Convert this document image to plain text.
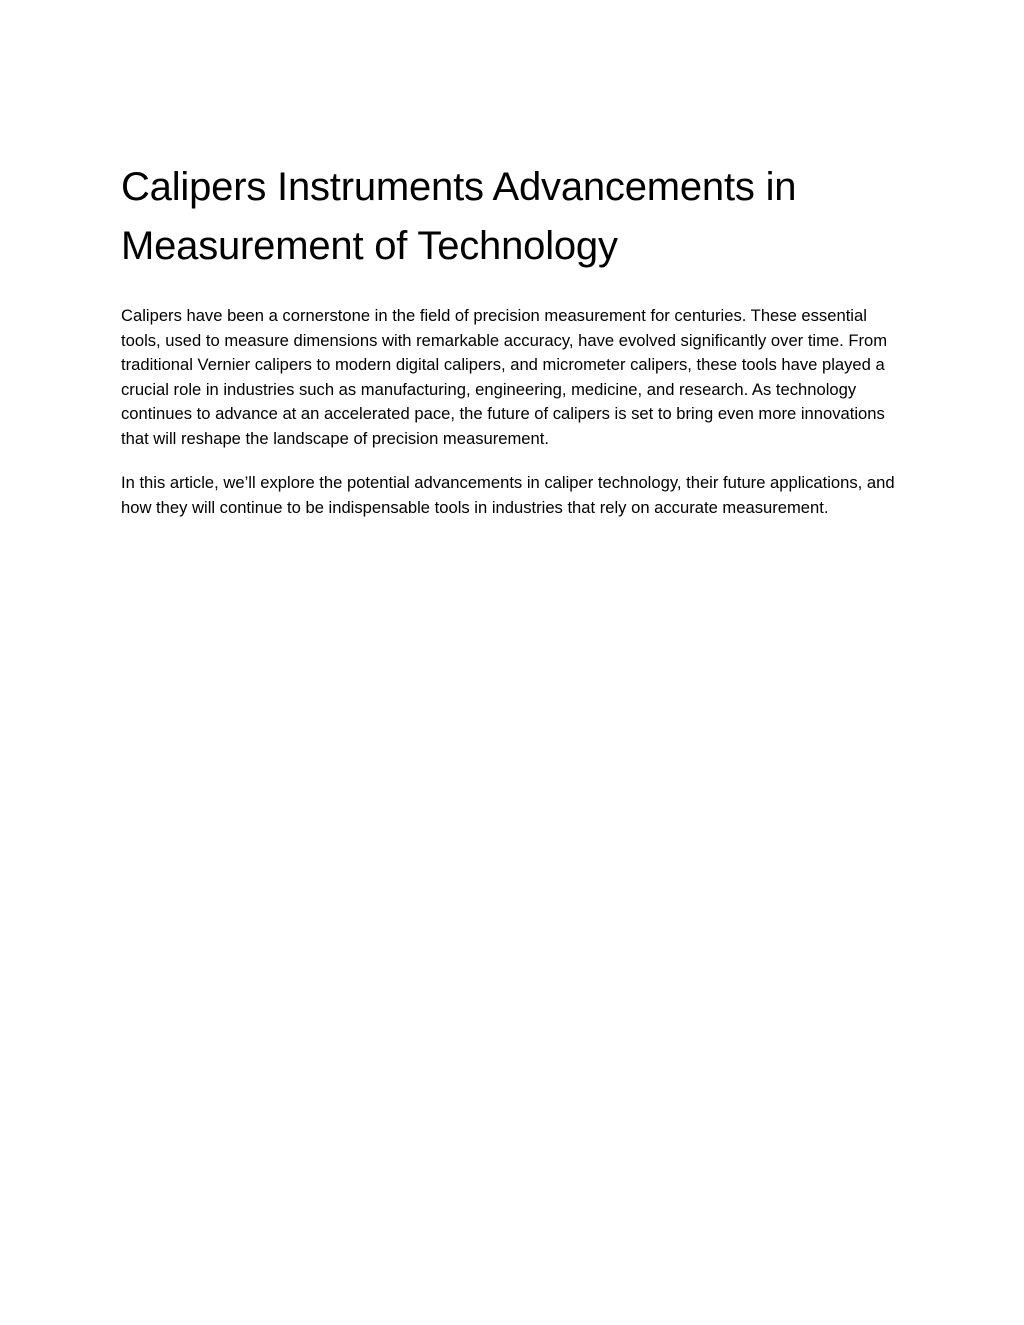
Calipers Instruments Advancements in Measurement of Technology

Calipers have been a cornerstone in the field of precision measurement for centuries. These essential tools, used to measure dimensions with remarkable accuracy, have evolved significantly over time. From traditional Vernier calipers to modern digital calipers, and micrometer calipers, these tools have played a crucial role in industries such as manufacturing, engineering, medicine, and research. As technology continues to advance at an accelerated pace, the future of calipers is set to bring even more innovations that will reshape the landscape of precision measurement.

In this article, we’ll explore the potential advancements in caliper technology, their future applications, and how they will continue to be indispensable tools in industries that rely on accurate measurement.
